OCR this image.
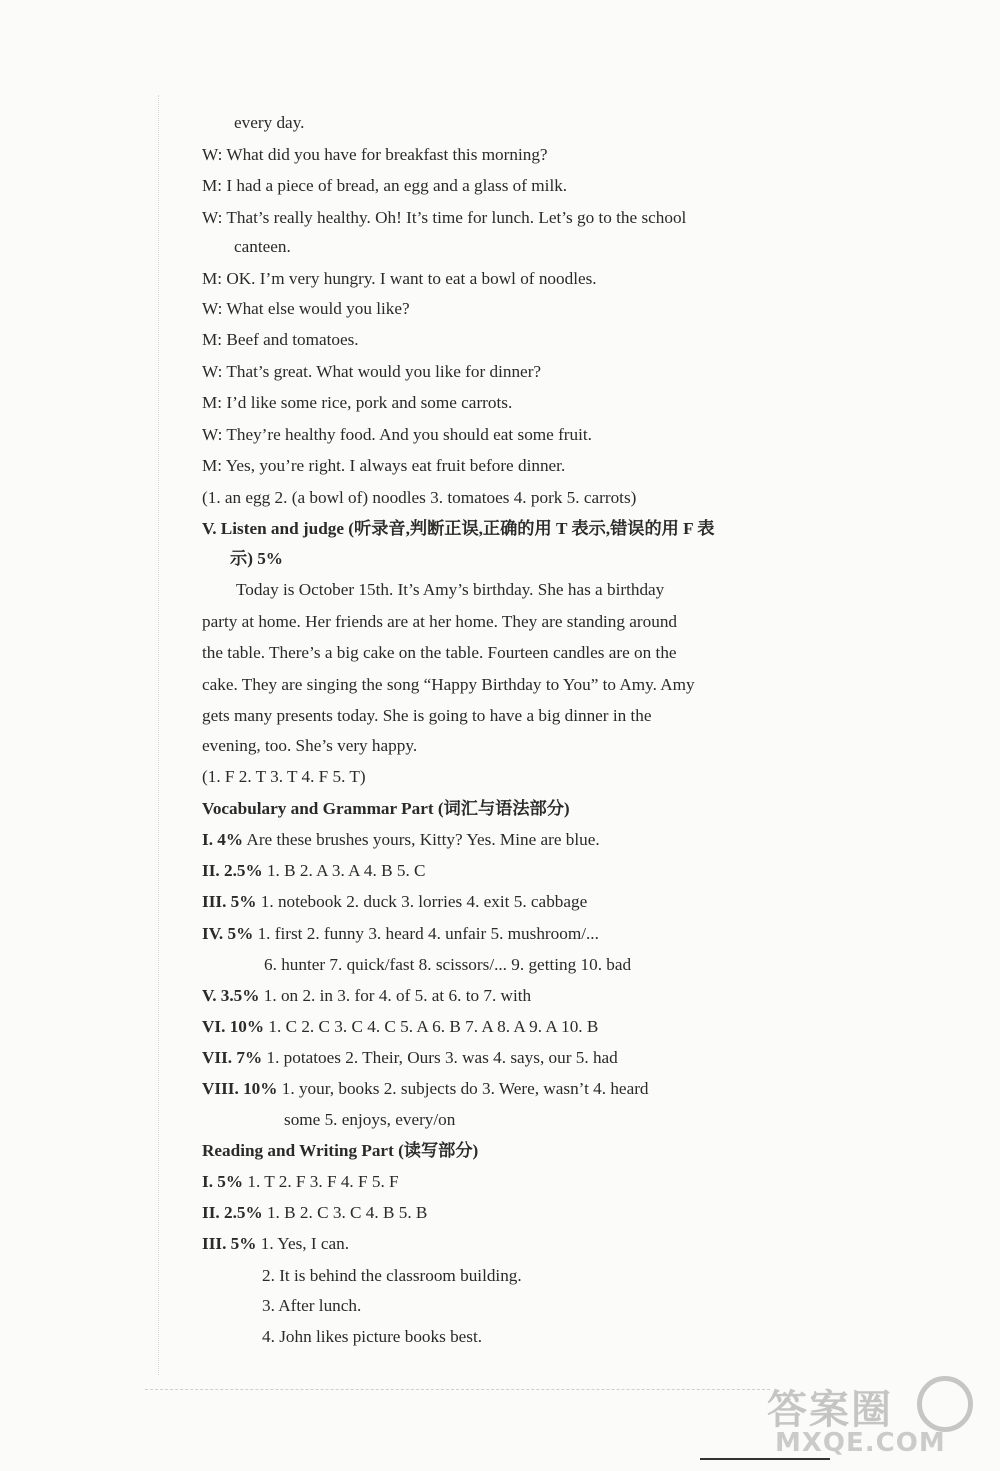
every day.
W: What did you have for breakfast this morning?
M: I had a piece of bread, an egg and a glass of milk.
W: That’s really healthy. Oh! It’s time for lunch. Let’s go to the school
canteen.
M: OK. I’m very hungry. I want to eat a bowl of noodles.
W: What else would you like?
M: Beef and tomatoes.
W: That’s great. What would you like for dinner?
M: I’d like some rice, pork and some carrots.
W: They’re healthy food. And you should eat some fruit.
M: Yes, you’re right. I always eat fruit before dinner.
(1. an egg 2. (a bowl of) noodles 3. tomatoes 4. pork 5. carrots)
V. Listen and judge (听录音,判断正误,正确的用 T 表示,错误的用 F 表
示) 5%
Today is October 15th. It’s Amy’s birthday. She has a birthday
party at home. Her friends are at her home. They are standing around
the table. There’s a big cake on the table. Fourteen candles are on the
cake. They are singing the song “Happy Birthday to You” to Amy. Amy
gets many presents today. She is going to have a big dinner in the
evening, too. She’s very happy.
(1. F 2. T 3. T 4. F 5. T)
Vocabulary and Grammar Part (词汇与语法部分)
I. 4% Are these brushes yours, Kitty? Yes. Mine are blue.
II. 2.5% 1. B 2. A 3. A 4. B 5. C
III. 5% 1. notebook 2. duck 3. lorries 4. exit 5. cabbage
IV. 5% 1. first 2. funny 3. heard 4. unfair 5. mushroom/...
6. hunter 7. quick/fast 8. scissors/... 9. getting 10. bad
V. 3.5% 1. on 2. in 3. for 4. of 5. at 6. to 7. with
VI. 10% 1. C 2. C 3. C 4. C 5. A 6. B 7. A 8. A 9. A 10. B
VII. 7% 1. potatoes 2. Their, Ours 3. was 4. says, our 5. had
VIII. 10% 1. your, books 2. subjects do 3. Were, wasn’t 4. heard
some 5. enjoys, every/on
Reading and Writing Part (读写部分)
I. 5% 1. T 2. F 3. F 4. F 5. F
II. 2.5% 1. B 2. C 3. C 4. B 5. B
III. 5% 1. Yes, I can.
2. It is behind the classroom building.
3. After lunch.
4. John likes picture books best.
答案圈
MXQE.COM
